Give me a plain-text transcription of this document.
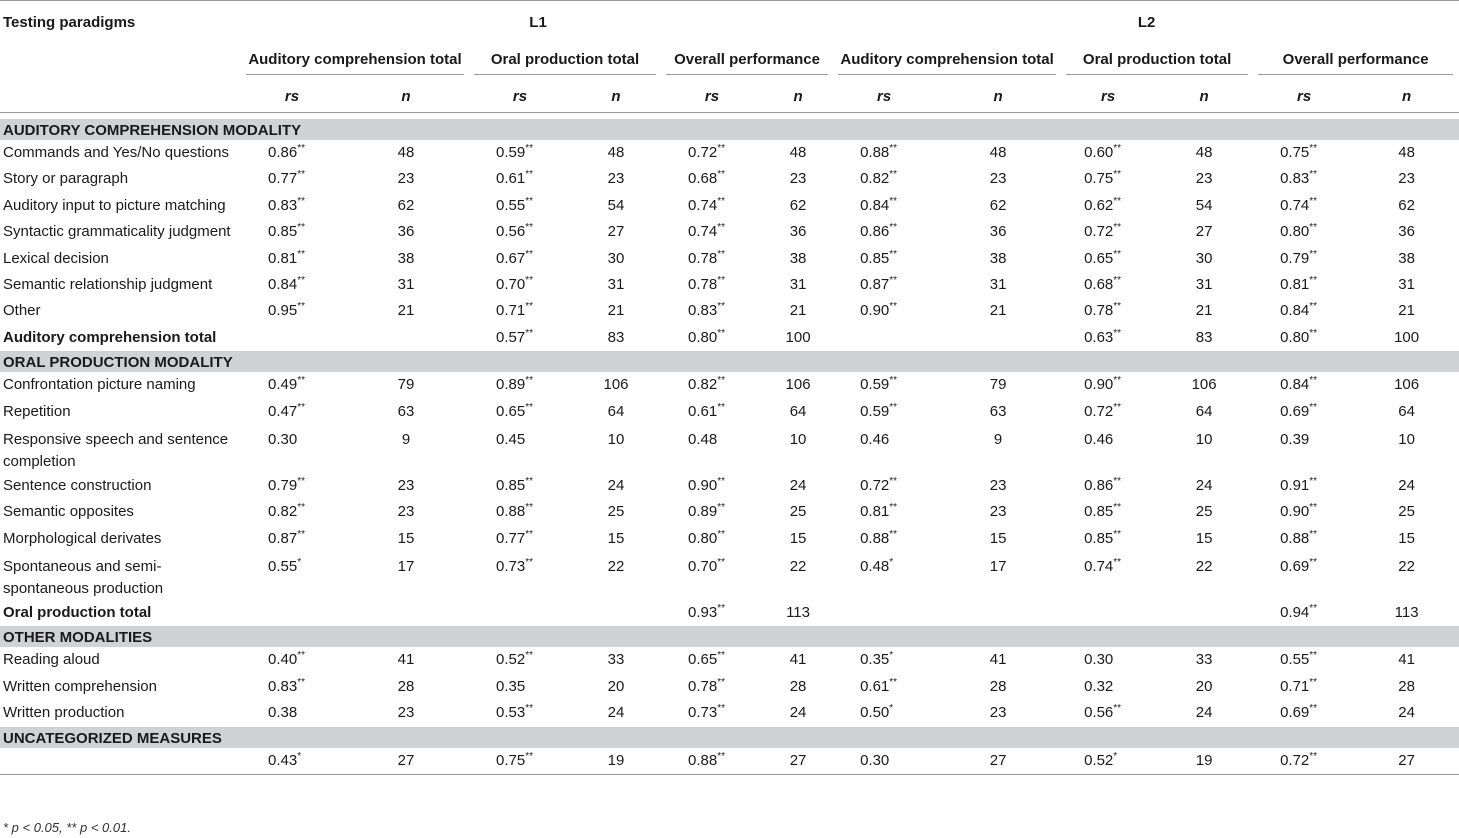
Testing paradigms	L1						L2					

	Auditory comprehension total		Oral production total		Overall performance		Auditory comprehension total		Oral production total		Overall performance	

	rs	n	rs	n	rs	n	rs	n	rs	n	rs	n

AUDITORY COMPREHENSION MODALITY												
Commands and Yes/No questions	0.86**	48	0.59**	48	0.72**	48	0.88**	48	0.60**	48	0.75**	48
Story or paragraph	0.77**	23	0.61**	23	0.68**	23	0.82**	23	0.75**	23	0.83**	23
Auditory input to picture matching	0.83**	62	0.55**	54	0.74**	62	0.84**	62	0.62**	54	0.74**	62
Syntactic grammaticality judgment	0.85**	36	0.56**	27	0.74**	36	0.86**	36	0.72**	27	0.80**	36
Lexical decision	0.81**	38	0.67**	30	0.78**	38	0.85**	38	0.65**	30	0.79**	38
Semantic relationship judgment	0.84**	31	0.70**	31	0.78**	31	0.87**	31	0.68**	31	0.81**	31
Other	0.95**	21	0.71**	21	0.83**	21	0.90**	21	0.78**	21	0.84**	21
Auditory comprehension total			0.57**	83	0.80**	100			0.63**	83	0.80**	100
ORAL PRODUCTION MODALITY												
Confrontation picture naming	0.49**	79	0.89**	106	0.82**	106	0.59**	79	0.90**	106	0.84**	106
Repetition	0.47**	63	0.65**	64	0.61**	64	0.59**	63	0.72**	64	0.69**	64
Responsive speech and sentence completion	0.30	9	0.45	10	0.48	10	0.46	9	0.46	10	0.39	10
Sentence construction	0.79**	23	0.85**	24	0.90**	24	0.72**	23	0.86**	24	0.91**	24
Semantic opposites	0.82**	23	0.88**	25	0.89**	25	0.81**	23	0.85**	25	0.90**	25
Morphological derivates	0.87**	15	0.77**	15	0.80**	15	0.88**	15	0.85**	15	0.88**	15
Spontaneous and semi-spontaneous production	0.55*	17	0.73**	22	0.70**	22	0.48*	17	0.74**	22	0.69**	22
Oral production total					0.93**	113					0.94**	113
OTHER MODALITIES												
Reading aloud	0.40**	41	0.52**	33	0.65**	41	0.35*	41	0.30	33	0.55**	41
Written comprehension	0.83**	28	0.35	20	0.78**	28	0.61**	28	0.32	20	0.71**	28
Written production	0.38	23	0.53**	24	0.73**	24	0.50*	23	0.56**	24	0.69**	24
UNCATEGORIZED MEASURES												
	0.43*	27	0.75**	19	0.88**	27	0.30	27	0.52*	19	0.72**	27
* p < 0.05, ** p < 0.01.
